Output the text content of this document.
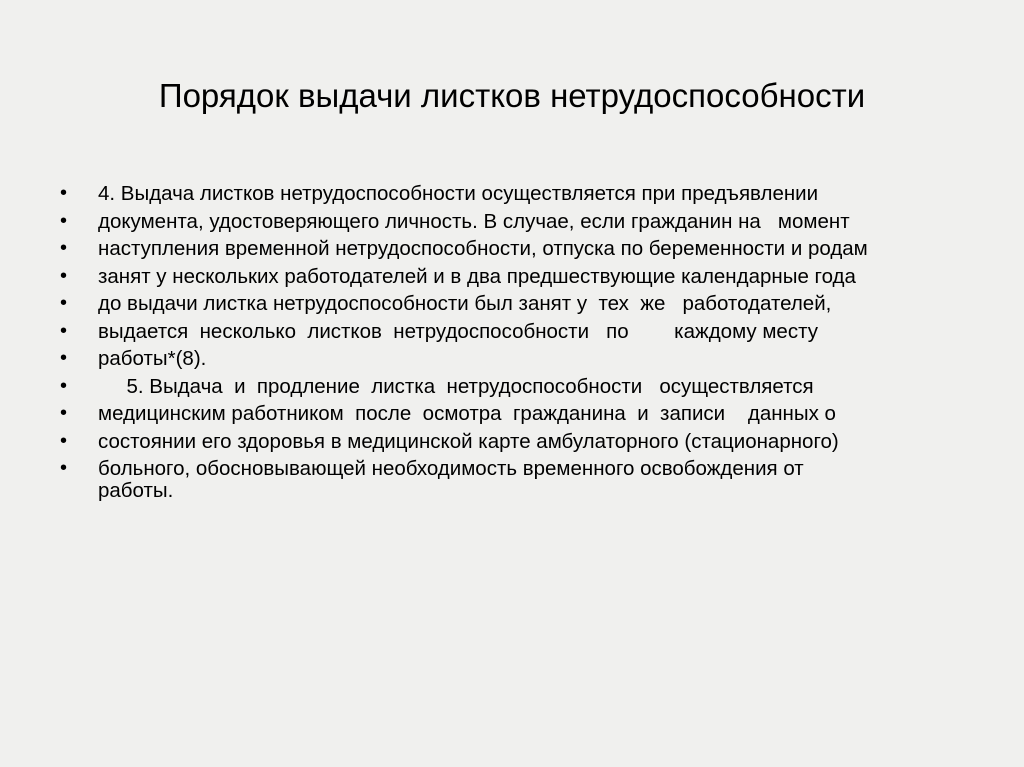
Порядок выдачи листков нетрудоспособности

•

	4. Выдача листков нетрудоспособности осуществляется при предъявлении

•

	документа, удостоверяющего личность. В случае, если гражданин на   момент

•

	наступления временной нетрудоспособности, отпуска по беременности и родам

•

	занят у нескольких работодателей и в два предшествующие календарные года

•

	до выдачи листка нетрудоспособности был занят у  тех  же   работодателей,

•

	выдается  несколько  листков  нетрудоспособности   по        каждому месту

•

	работы*(8).

•

	5. Выдача  и  продление  листка  нетрудоспособности   осуществляется

•

	медицинским работником  после  осмотра  гражданина  и  записи    данных о

•

	состоянии его здоровья в медицинской карте амбулаторного (стационарного)

•

	больного, обосновывающей необходимость временного освобождения от
работы.
